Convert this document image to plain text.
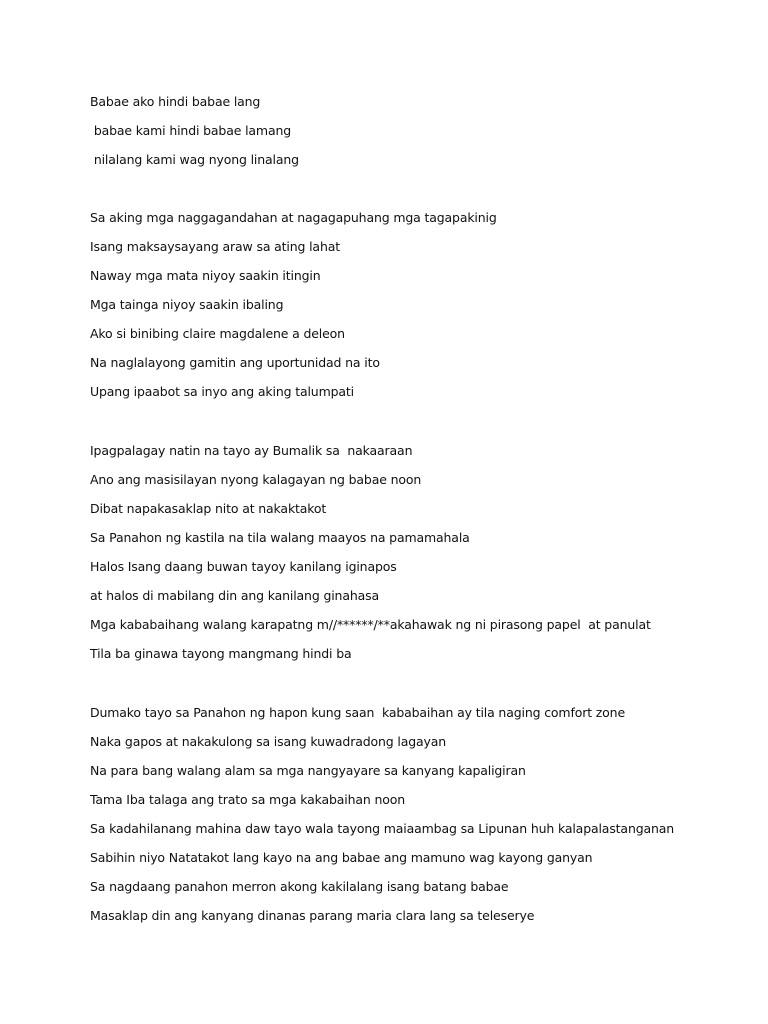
Babae ako hindi babae lang
babae kami hindi babae lamang
nilalang kami wag nyong linalang
Sa aking mga naggagandahan at nagagapuhang mga tagapakinig
Isang maksaysayang araw sa ating lahat
Naway mga mata niyoy saakin itingin
Mga tainga niyoy saakin ibaling
Ako si binibing claire magdalene a deleon
Na naglalayong gamitin ang uportunidad na ito
Upang ipaabot sa inyo ang aking talumpati
Ipagpalagay natin na tayo ay Bumalik sa  nakaaraan
Ano ang masisilayan nyong kalagayan ng babae noon
Dibat napakasaklap nito at nakaktakot
Sa Panahon ng kastila na tila walang maayos na pamamahala
Halos Isang daang buwan tayoy kanilang iginapos
at halos di mabilang din ang kanilang ginahasa
Mga kababaihang walang karapatng m//******/**akahawak ng ni pirasong papel  at panulat
Tila ba ginawa tayong mangmang hindi ba
Dumako tayo sa Panahon ng hapon kung saan  kababaihan ay tila naging comfort zone
Naka gapos at nakakulong sa isang kuwadradong lagayan
Na para bang walang alam sa mga nangyayare sa kanyang kapaligiran
Tama Iba talaga ang trato sa mga kakabaihan noon
Sa kadahilanang mahina daw tayo wala tayong maiaambag sa Lipunan huh kalapalastanganan
Sabihin niyo Natatakot lang kayo na ang babae ang mamuno wag kayong ganyan
Sa nagdaang panahon merron akong kakilalang isang batang babae
Masaklap din ang kanyang dinanas parang maria clara lang sa teleserye
